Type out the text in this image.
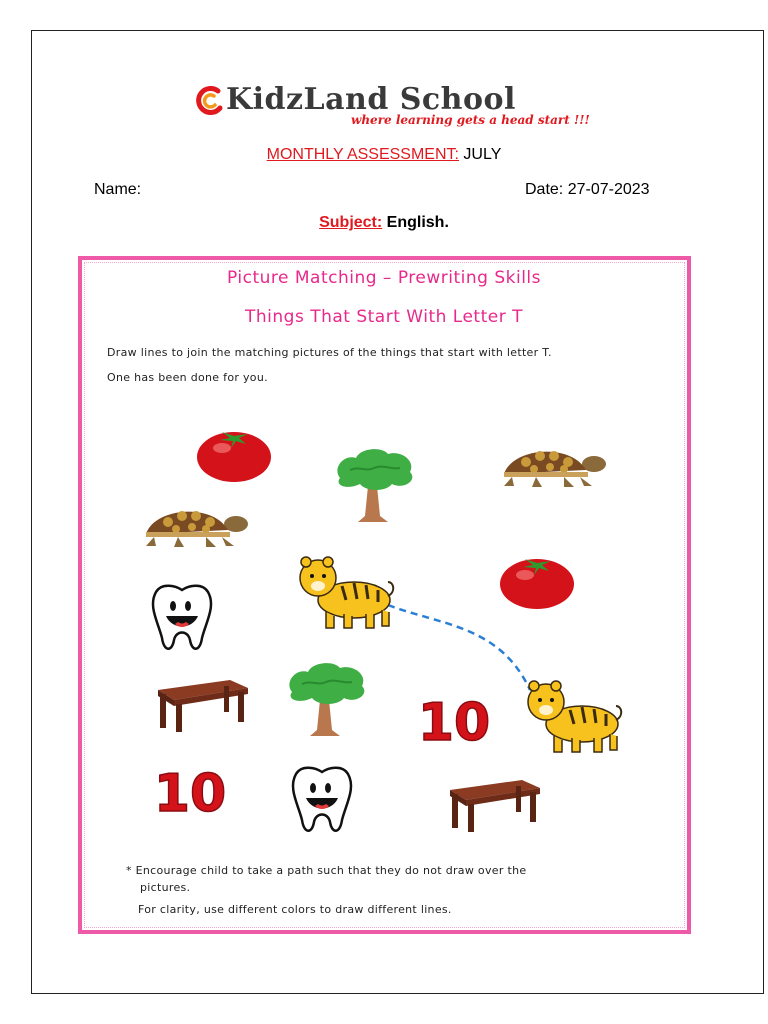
KidzLand School
where learning gets a head start !!!
MONTHLY ASSESSMENT: JULY
Name:	Date: 27-07-2023
Subject: English.
Picture Matching – Prewriting Skills
Things That Start With Letter T
Draw lines to join the matching pictures of the things that start with letter T.
One has been done for you.
10
10
* Encourage child to take a path such that they do not draw over the
pictures.
For clarity, use different colors to draw different lines.
